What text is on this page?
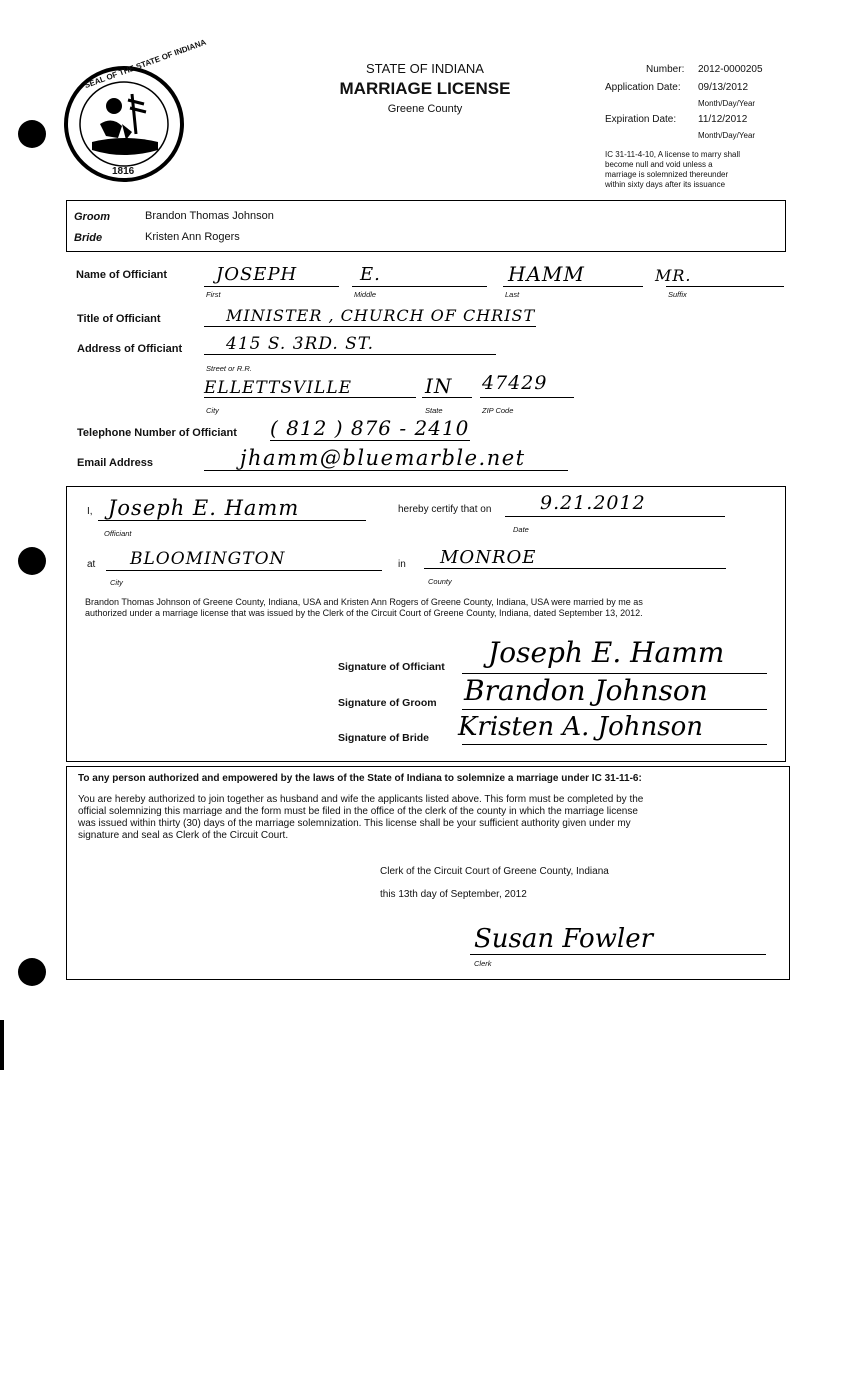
SEAL OF THE STATE OF INDIANA
1816
STATE OF INDIANA
MARRIAGE LICENSE
Greene County
Number: 2012-0000205
Application Date: 09/13/2012
Month/Day/Year
Expiration Date: 11/12/2012
Month/Day/Year
IC 31-11-4-10, A license to marry shall
become null and void unless a
marriage is solemnized thereunder
within sixty days after its issuance
Groom	Brandon Thomas Johnson
Bride	Kristen Ann Rogers
Name of Officiant	JOSEPH	E.	HAMM	MR.
First	Middle	Last	Suffix
Title of Officiant	MINISTER , CHURCH OF CHRIST
Address of Officiant	415 S. 3RD. ST.
Street or R.R.
ELLETTSVILLE	IN 47429
City	State	ZIP Code
Telephone Number of Officiant ( 812 ) 876 - 2410
Email Address	jhamm@bluemarble.net
I, Joseph E. Hamm
Officiant
hereby certify that on	9.21.2012
Date
at BLOOMINGTON
City
in MONROE
County
Brandon Thomas Johnson of Greene County, Indiana, USA and Kristen Ann Rogers of Greene County, Indiana, USA were married by me as
authorized under a marriage license that was issued by the Clerk of the Circuit Court of Greene County, Indiana, dated September 13, 2012.
Signature of Officiant Joseph E. Hamm
Signature of Groom Brandon Johnson
Signature of Bride Kristen A. Johnson
To any person authorized and empowered by the laws of the State of Indiana to solemnize a marriage under IC 31-11-6:
You are hereby authorized to join together as husband and wife the applicants listed above. This form must be completed by the
official solemnizing this marriage and the form must be filed in the office of the clerk of the county in which the marriage license
was issued within thirty (30) days of the marriage solemnization. This license shall be your sufficient authority given under my
signature and seal as Clerk of the Circuit Court.
Clerk of the Circuit Court of Greene County, Indiana
this 13th day of September, 2012
Susan Fowler
Clerk
